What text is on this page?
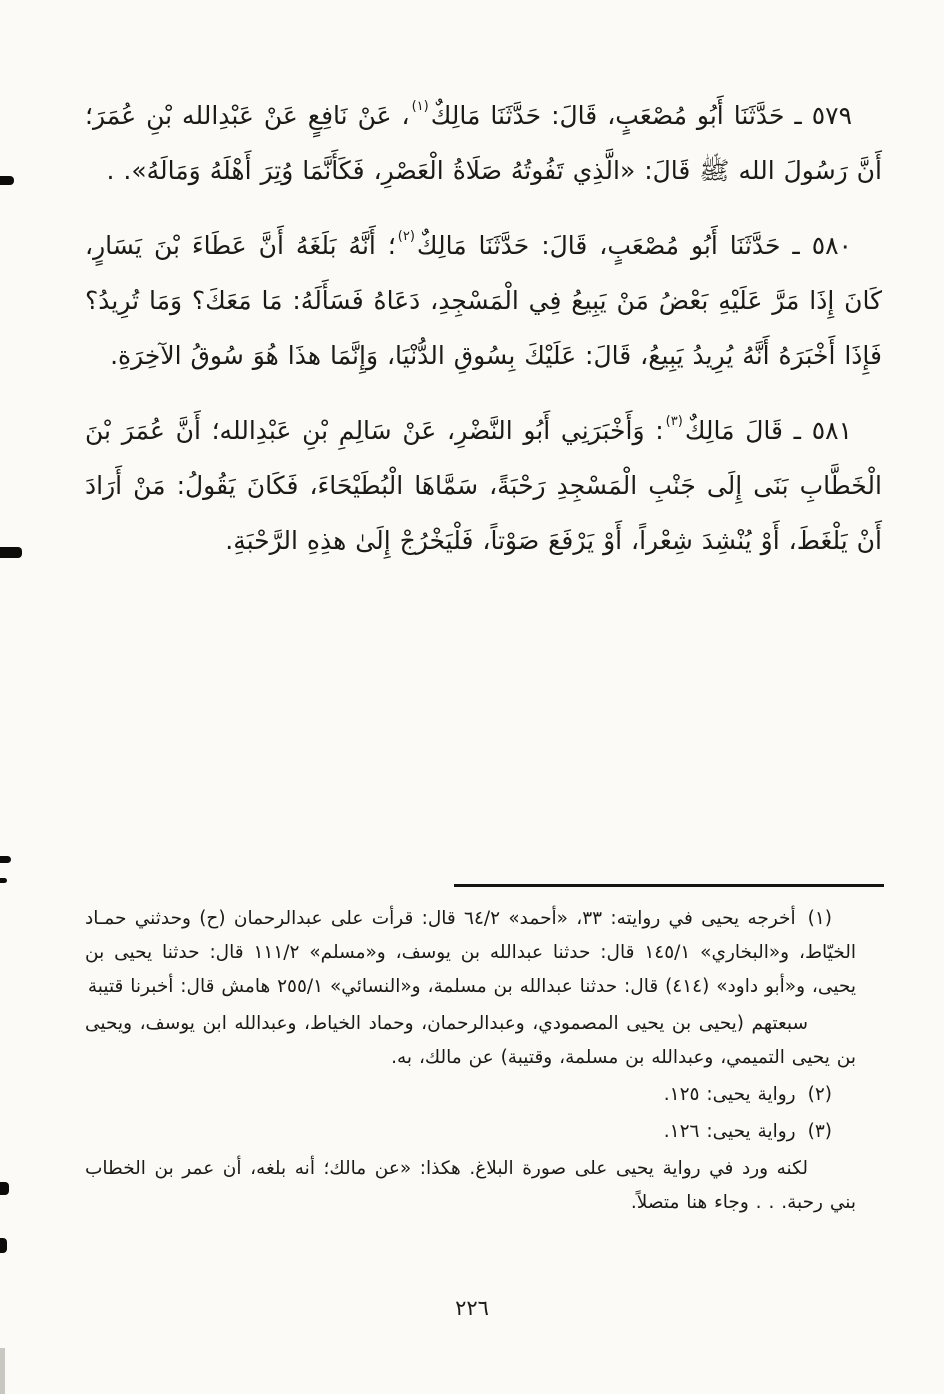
٥٧٩ ـ حَدَّثَنَا أَبُو مُصْعَبٍ، قَالَ: حَدَّثَنَا مَالِكٌ$^{(١)}$، عَنْ نَافِعٍ عَنْ عَبْدِالله بْنِ عُمَرَ؛ أَنَّ رَسُولَ الله ﷺ قَالَ: «الَّذِي تَفُوتُهُ صَلَاةُ الْعَصْرِ، فَكَأَنَّمَا وُتِرَ أَهْلَهُ وَمَالَهُ». .

٥٨٠ ـ حَدَّثَنَا أَبُو مُصْعَبٍ، قَالَ: حَدَّثَنَا مَالِكٌ$^{(٢)}$؛ أَنَّهُ بَلَغَهُ أَنَّ عَطَاءَ بْنَ يَسَارٍ، كَانَ إِذَا مَرَّ عَلَيْهِ بَعْضُ مَنْ يَبِيعُ فِي الْمَسْجِدِ، دَعَاهُ فَسَأَلَهُ: مَا مَعَكَ؟ وَمَا تُرِيدُ؟ فَإِذَا أَخْبَرَهُ أَنَّهُ يُرِيدُ يَبِيعُ، قَالَ: عَلَيْكَ بِسُوقِ الدُّنْيَا، وَإِنَّمَا هذَا هُوَ سُوقُ الآخِرَةِ.

٥٨١ ـ قَالَ مَالِكٌ$^{(٣)}$: وَأَخْبَرَنِي أَبُو النَّضْرِ، عَنْ سَالِمِ بْنِ عَبْدِالله؛ أَنَّ عُمَرَ بْنَ الْخَطَّابِ بَنَى إِلَى جَنْبِ الْمَسْجِدِ رَحْبَةً، سَمَّاهَا الْبُطَيْحَاءَ، فَكَانَ يَقُولُ: مَنْ أَرَادَ أَنْ يَلْغَطَ، أَوْ يُنْشِدَ شِعْراً، أَوْ يَرْفَعَ صَوْتاً، فَلْيَخْرُجْ إِلَىٰ هذِهِ الرَّحْبَةِ.

(١)أخرجه يحيى في روايته: ٣٣، «أحمد» ٦٤/٢ قال: قرأت على عبدالرحمان (ح) وحدثني حمـاد الخيّاط، و«البخاري» ١٤٥/١ قال: حدثنا عبدالله بن يوسف، و«مسلم» ١١١/٢ قال: حدثنا يحيى بن يحيى، و«أبو داود» (٤١٤) قال: حدثنا عبدالله بن مسلمة، و«النسائي» ٢٥٥/١ هامش قال: أخبرنا قتيبة

سبعتهم (يحيى بن يحيى المصمودي، وعبدالرحمان، وحماد الخياط، وعبدالله ابن يوسف، ويحيى بن يحيى التميمي، وعبدالله بن مسلمة، وقتيبة) عن مالك، به.

(٢)رواية يحيى: ١٢٥.

(٣)رواية يحيى: ١٢٦.

لكنه ورد في رواية يحيى على صورة البلاغ. هكذا: «عن مالك؛ أنه بلغه، أن عمر بن الخطاب بني رحبة. . . وجاء هنا متصلاً.

٢٢٦
